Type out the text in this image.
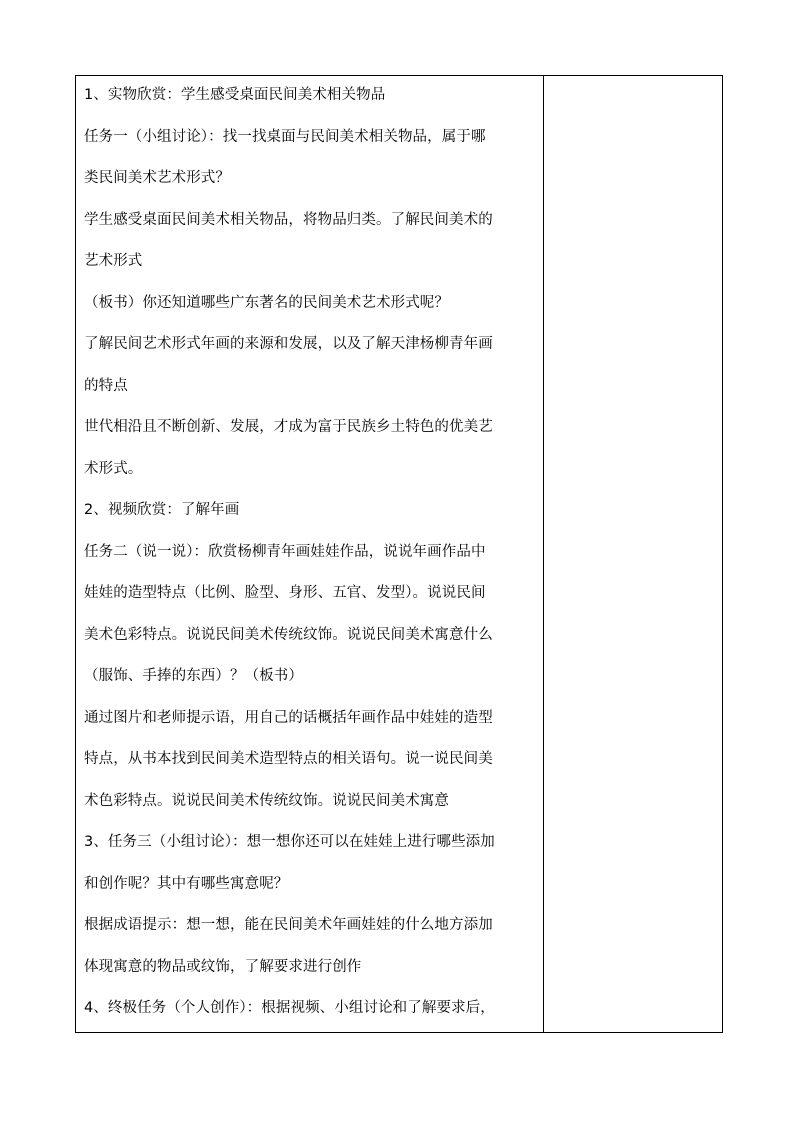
1、实物欣赏：学生感受桌面民间美术相关物品
任务一（小组讨论）：找一找桌面与民间美术相关物品，属于哪
类民间美术艺术形式？
学生感受桌面民间美术相关物品，将物品归类。了解民间美术的
艺术形式
（板书）你还知道哪些广东著名的民间美术艺术形式呢？
了解民间艺术形式年画的来源和发展，以及了解天津杨柳青年画
的特点
世代相沿且不断创新、发展，才成为富于民族乡土特色的优美艺
术形式。
2、视频欣赏：了解年画
任务二（说一说）：欣赏杨柳青年画娃娃作品，说说年画作品中
娃娃的造型特点（比例、脸型、身形、五官、发型）。说说民间
美术色彩特点。说说民间美术传统纹饰。说说民间美术寓意什么
（服饰、手捧的东西）？（板书）
通过图片和老师提示语，用自己的话概括年画作品中娃娃的造型
特点，从书本找到民间美术造型特点的相关语句。说一说民间美
术色彩特点。说说民间美术传统纹饰。说说民间美术寓意
3、任务三（小组讨论）：想一想你还可以在娃娃上进行哪些添加
和创作呢？其中有哪些寓意呢？
根据成语提示：想一想，能在民间美术年画娃娃的什么地方添加
体现寓意的物品或纹饰，了解要求进行创作
4、终极任务（个人创作）：根据视频、小组讨论和了解要求后，
